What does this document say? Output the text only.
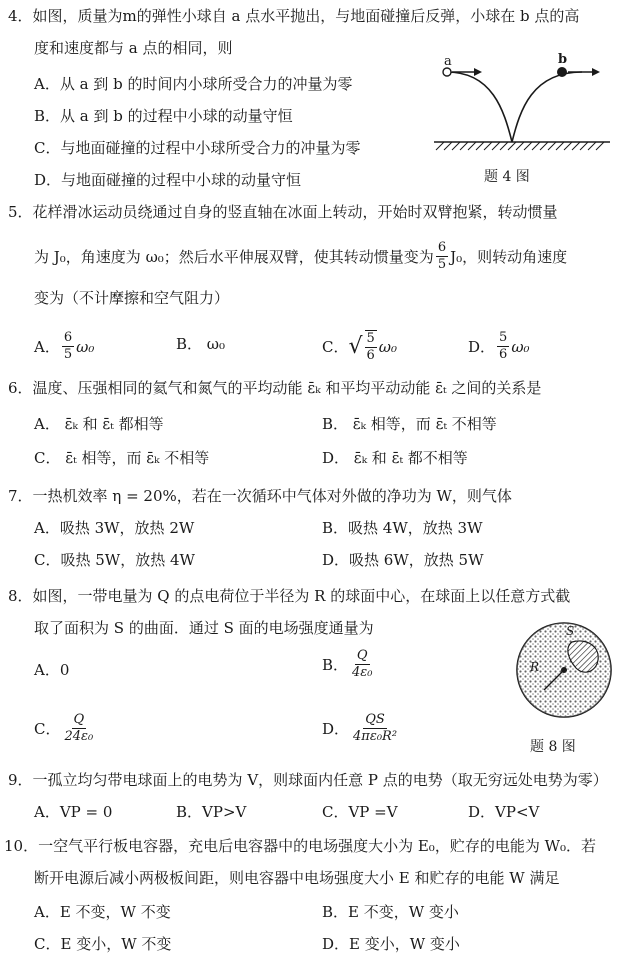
4．如图，质量为m的弹性小球自 a 点水平抛出，与地面碰撞后反弹，小球在 b 点的高
度和速度都与 a 点的相同，则
A．从 a 到 b 的时间内小球所受合力的冲量为零
B．从 a 到 b 的过程中小球的动量守恒
C．与地面碰撞的过程中小球所受合力的冲量为零
D．与地面碰撞的过程中小球的动量守恒
a	b
题 4 图
5．花样滑冰运动员绕通过自身的竖直轴在冰面上转动，开始时双臂抱紧，转动惯量
为 J₀，角速度为 ω₀；然后水平伸展双臂，使其转动惯量变为 $\frac{6}{5} J_0$，则转动角速度
变为（不计摩擦和空气阻力）
A． $\frac{6}{5} \omega_0$	B． ω₀	C． √ $\frac{5}{6} \omega_0$	D． $\frac{5}{6} \omega_0$
6．温度、压强相同的氦气和氮气的平均动能 ε̄ₖ 和平均平动动能 ε̄ₜ 之间的关系是
A． ε̄ₖ 和 ε̄ₜ 都相等	B． ε̄ₖ 相等，而 ε̄ₜ 不相等
C． ε̄ₜ 相等，而 ε̄ₖ 不相等	D． ε̄ₖ 和 ε̄ₜ 都不相等
7．一热机效率 η = 20%，若在一次循环中气体对外做的净功为 W，则气体
A．吸热 3W，放热 2W	B．吸热 4W，放热 3W
C．吸热 5W，放热 4W	D．吸热 6W，放热 5W
8．如图，一带电量为 Q 的点电荷位于半径为 R 的球面中心，在球面上以任意方式截
取了面积为 S 的曲面．通过 S 面的电场强度通量为
A．0	B． $\frac{Q}{\text{4ε₀}}$
C． $\frac{Q}{\text{24ε₀}}$	D． $\frac{QS}{\text{4πε₀R²}}$
S
R
题 8 图
9．一孤立均匀带电球面上的电势为 V，则球面内任意 P 点的电势（取无穷远处电势为零）
A．VP = 0	B．VP>V	C．VP =V	D．VP<V
10．一空气平行板电容器，充电后电容器中的电场强度大小为 E₀，贮存的电能为 W₀．若
断开电源后减小两极板间距，则电容器中电场强度大小 E 和贮存的电能 W 满足
A．E 不变，W 不变	B．E 不变，W 变小
C．E 变小，W 不变	D．E 变小，W 变小
